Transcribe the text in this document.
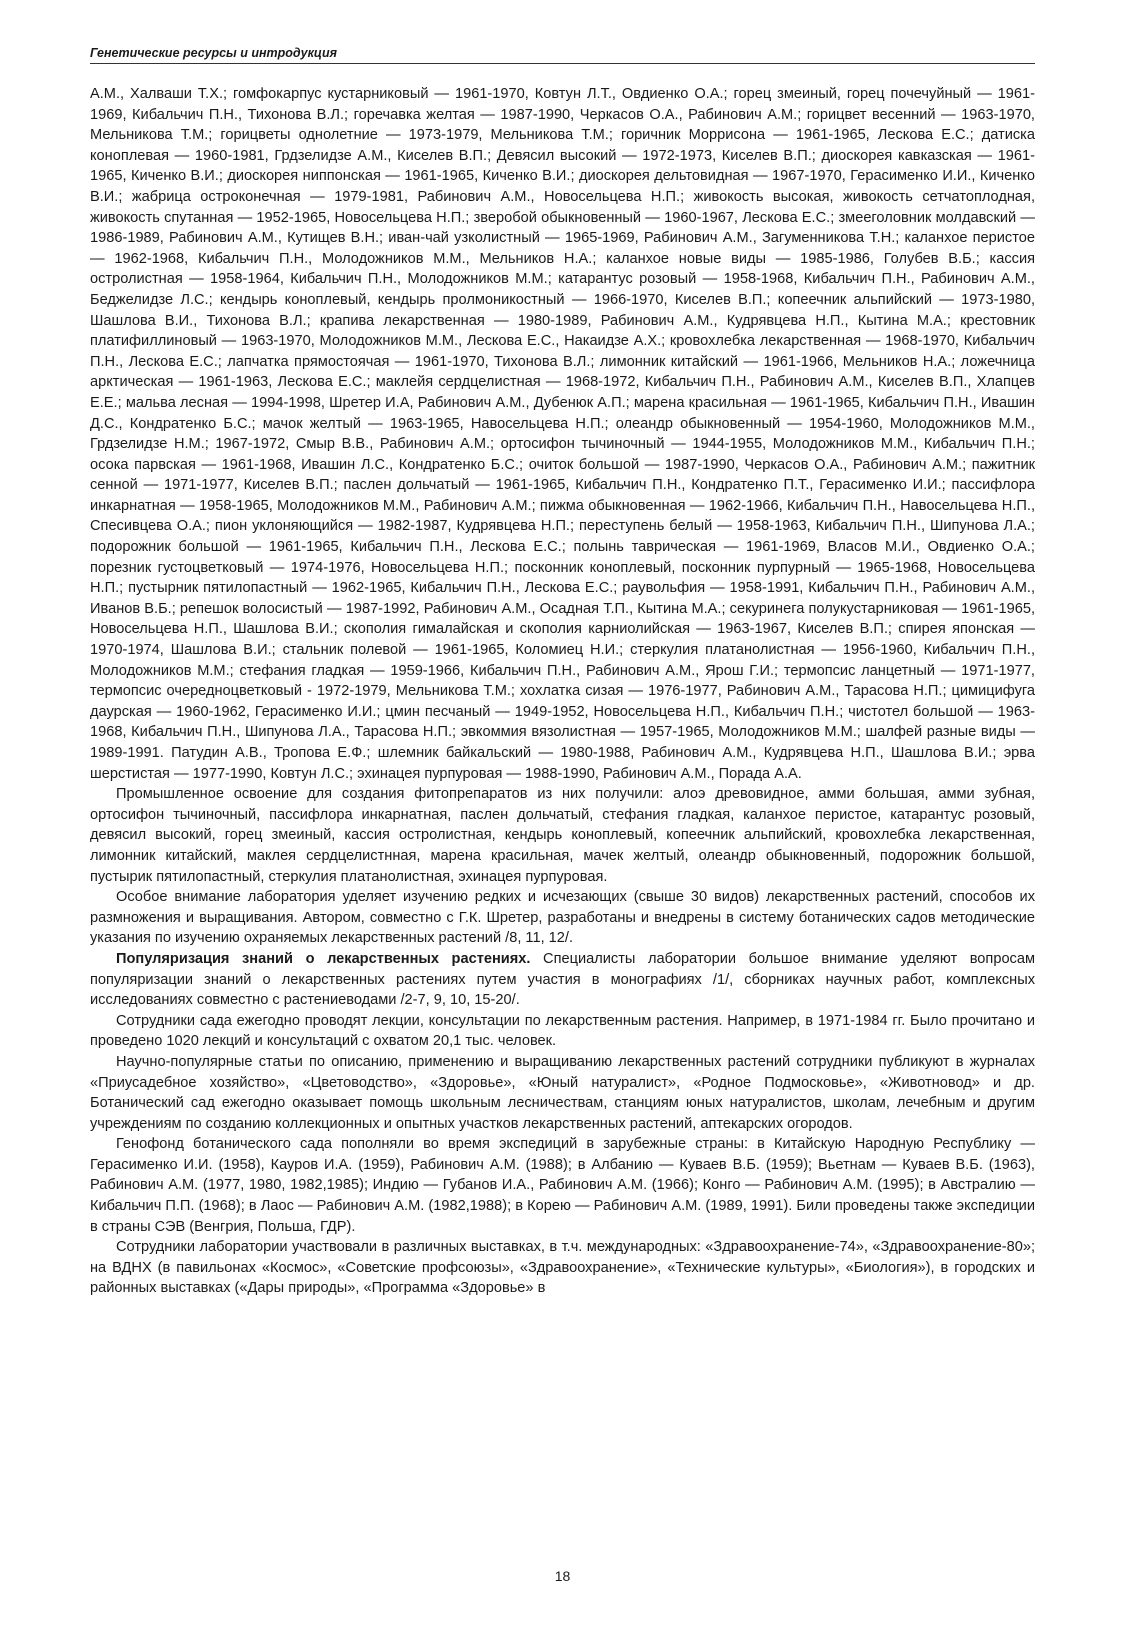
Генетические ресурсы и интродукция

А.М., Халваши Т.Х.; гомфокарпус кустарниковый — 1961-1970, Ковтун Л.Т., Овдиенко О.А.; горец змеиный, горец почечуйный — 1961-1969, Кибальчич П.Н., Тихонова В.Л.; горечавка желтая — 1987-1990, Черкасов О.А., Рабинович А.М.; горицвет весенний — 1963-1970, Мельникова Т.М.; горицветы однолетние — 1973-1979, Мельникова Т.М.; горичник Моррисона — 1961-1965, Лескова Е.С.; датиска коноплевая — 1960-1981, Грдзелидзе А.М., Киселев В.П.; Девясил высокий — 1972-1973, Киселев В.П.; диоскорея кавказская — 1961-1965, Киченко В.И.; диоскорея ниппонская — 1961-1965, Киченко В.И.; диоскорея дельтовидная — 1967-1970, Герасименко И.И., Киченко В.И.; жабрица остроконечная — 1979-1981, Рабинович А.М., Новосельцева Н.П.; живокость высокая, живокость сетчатоплодная, живокость спутанная — 1952-1965, Новосельцева Н.П.; зверобой обыкновенный — 1960-1967, Лескова Е.С.; змееголовник молдавский — 1986-1989, Рабинович А.М., Кутищев В.Н.; иван-чай узколистный — 1965-1969, Рабинович А.М., Загуменникова Т.Н.; каланхое перистое — 1962-1968, Кибальчич П.Н., Молодожников М.М., Мельников Н.А.; каланхое новые виды — 1985-1986, Голубев В.Б.; кассия остролистная — 1958-1964, Кибальчич П.Н., Молодожников М.М.; катарантус розовый — 1958-1968, Кибальчич П.Н., Рабинович А.М., Беджелидзе Л.С.; кендырь коноплевый, кендырь пролмоникостный — 1966-1970, Киселев В.П.; копеечник альпийский — 1973-1980, Шашлова В.И., Тихонова В.Л.; крапива лекарственная — 1980-1989, Рабинович А.М., Кудрявцева Н.П., Кытина М.А.; крестовник платифиллиновый — 1963-1970, Молодожников М.М., Лескова Е.С., Накаидзе А.Х.; кровохлебка лекарственная — 1968-1970, Кибальчич П.Н., Лескова Е.С.; лапчатка прямостоячая — 1961-1970, Тихонова В.Л.; лимонник китайский — 1961-1966, Мельников Н.А.; ложечница арктическая — 1961-1963, Лескова Е.С.; маклейя сердцелистная — 1968-1972, Кибальчич П.Н., Рабинович А.М., Киселев В.П., Хлапцев Е.Е.; мальва лесная — 1994-1998, Шретер И.А, Рабинович А.М., Дубенюк А.П.; марена красильная — 1961-1965, Кибальчич П.Н., Ивашин Д.С., Кондратенко Б.С.; мачок желтый — 1963-1965, Навосельцева Н.П.; олеандр обыкновенный — 1954-1960, Молодожников М.М., Грдзелидзе Н.М.; 1967-1972, Смыр В.В., Рабинович А.М.; ортосифон тычиночный — 1944-1955, Молодожников М.М., Кибальчич П.Н.; осока парвская — 1961-1968, Ивашин Л.С., Кондратенко Б.С.; очиток большой — 1987-1990, Черкасов О.А., Рабинович А.М.; пажитник сенной — 1971-1977, Киселев В.П.; паслен дольчатый — 1961-1965, Кибальчич П.Н., Кондратенко П.Т., Герасименко И.И.; пассифлора инкарнатная — 1958-1965, Молодожников М.М., Рабинович А.М.; пижма обыкновенная — 1962-1966, Кибальчич П.Н., Навосельцева Н.П., Спесивцева О.А.; пион уклоняющийся — 1982-1987, Кудрявцева Н.П.; переступень белый — 1958-1963, Кибальчич П.Н., Шипунова Л.А.; подорожник большой — 1961-1965, Кибальчич П.Н., Лескова Е.С.; полынь таврическая — 1961-1969, Власов М.И., Овдиенко О.А.; порезник густоцветковый — 1974-1976, Новосельцева Н.П.; посконник коноплевый, посконник пурпурный — 1965-1968, Новосельцева Н.П.; пустырник пятилопастный — 1962-1965, Кибальчич П.Н., Лескова Е.С.; раувольфия — 1958-1991, Кибальчич П.Н., Рабинович А.М., Иванов В.Б.; репешок волосистый — 1987-1992, Рабинович А.М., Осадная Т.П., Кытина М.А.; секуринега полукустарниковая — 1961-1965, Новосельцева Н.П., Шашлова В.И.; скополия гималайская и скополия карниолийская — 1963-1967, Киселев В.П.; спирея японская — 1970-1974, Шашлова В.И.; стальник полевой — 1961-1965, Коломиец Н.И.; стеркулия платанолистная — 1956-1960, Кибальчич П.Н., Молодожников М.М.; стефания гладкая — 1959-1966, Кибальчич П.Н., Рабинович А.М., Ярош Г.И.; термопсис ланцетный — 1971-1977, термопсис очередноцветковый - 1972-1979, Мельникова Т.М.; хохлатка сизая — 1976-1977, Рабинович А.М., Тарасова Н.П.; цимицифуга даурская — 1960-1962, Герасименко И.И.; цмин песчаный — 1949-1952, Новосельцева Н.П., Кибальчич П.Н.; чистотел большой — 1963-1968, Кибальчич П.Н., Шипунова Л.А., Тарасова Н.П.; эвкоммия вязолистная — 1957-1965, Молодожников М.М.; шалфей разные виды — 1989-1991. Патудин А.В., Тропова Е.Ф.; шлемник байкальский — 1980-1988, Рабинович А.М., Кудрявцева Н.П., Шашлова В.И.; эрва шерстистая — 1977-1990, Ковтун Л.С.; эхинацея пурпуровая — 1988-1990, Рабинович А.М., Порада А.А.

Промышленное освоение для создания фитопрепаратов из них получили: алоэ древовидное, амми большая, амми зубная, ортосифон тычиночный, пассифлора инкарнатная, паслен дольчатый, стефания гладкая, каланхое перистое, катарантус розовый, девясил высокий, горец змеиный, кассия остролистная, кендырь коноплевый, копеечник альпийский, кровохлебка лекарственная, лимонник китайский, маклея сердцелистнная, марена красильная, мачек желтый, олеандр обыкновенный, подорожник большой, пустырик пятилопастный, стеркулия платанолистная, эхинацея пурпуровая.

Особое внимание лаборатория уделяет изучению редких и исчезающих (свыше 30 видов) лекарственных растений, способов их размножения и выращивания. Автором, совместно с Г.К. Шретер, разработаны и внедрены в систему ботанических садов методические указания по изучению охраняемых лекарственных растений /8, 11, 12/.

Популяризация знаний о лекарственных растениях. Специалисты лаборатории большое внимание уделяют вопросам популяризации знаний о лекарственных растениях путем участия в монографиях /1/, сборниках научных работ, комплексных исследованиях совместно с растениеводами /2-7, 9, 10, 15-20/.

Сотрудники сада ежегодно проводят лекции, консультации по лекарственным растения. Например, в 1971-1984 гг. Было прочитано и проведено 1020 лекций и консультаций с охватом 20,1 тыс. человек.

Научно-популярные статьи по описанию, применению и выращиванию лекарственных растений сотрудники публикуют в журналах «Приусадебное хозяйство», «Цветоводство», «Здоровье», «Юный натуралист», «Родное Подмосковье», «Животновод» и др. Ботанический сад ежегодно оказывает помощь школьным лесничествам, станциям юных натуралистов, школам, лечебным и другим учреждениям по созданию коллекционных и опытных участков лекарственных растений, аптекарских огородов.

Генофонд ботанического сада пополняли во время экспедиций в зарубежные страны: в Китайскую Народную Республику — Герасименко И.И. (1958), Кауров И.А. (1959), Рабинович А.М. (1988); в Албанию — Куваев В.Б. (1959); Вьетнам — Куваев В.Б. (1963), Рабинович А.М. (1977, 1980, 1982,1985); Индию — Губанов И.А., Рабинович А.М. (1966); Конго — Рабинович А.М. (1995); в Австралию — Кибальчич П.П. (1968); в Лаос — Рабинович А.М. (1982,1988); в Корею — Рабинович А.М. (1989, 1991). Били проведены также экспедиции в страны СЭВ (Венгрия, Польша, ГДР).

Сотрудники лаборатории участвовали в различных выставках, в т.ч. международных: «Здравоохранение-74», «Здравоохранение-80»; на ВДНХ (в павильонах «Космос», «Советские профсоюзы», «Здравоохранение», «Технические культуры», «Биология»), в городских и районных выставках («Дары природы», «Программа «Здоровье» в

18
